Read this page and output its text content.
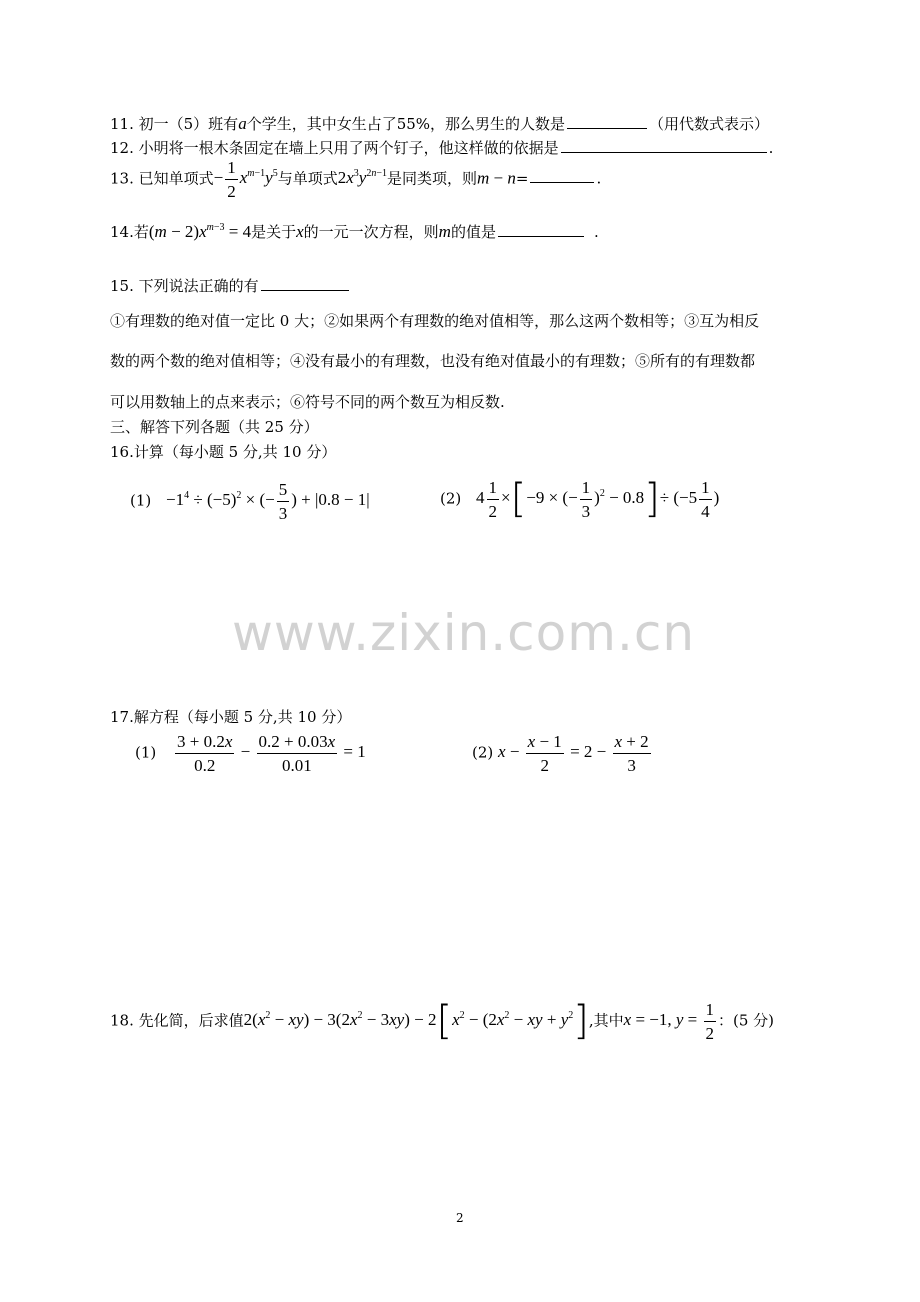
11. 初一（5）班有a个学生，其中女生占了55%，那么男生的人数是	（用代数式表示）
12. 小明将一根木条固定在墙上只用了两个钉子，他这样做的依据是	.
13. 已知单项式− $\frac{1}{2} x^{m-1}y^5$与单项式$2x^3y^{2n-1}$是同类项，则m − n=	.
14.若$(m - 2)x^{m-3} = 4$是关于x的一元一次方程，则m的值是	.
15. 下列说法正确的有
①有理数的绝对值一定比 0 大；②如果两个有理数的绝对值相等，那么这两个数相等；③互为相反
数的两个数的绝对值相等；④没有最小的有理数，也没有绝对值最小的有理数；⑤所有的有理数都
可以用数轴上的点来表示；⑥符号不同的两个数互为相反数.
三、解答下列各题（共 25 分）
16.计算（每小题 5 分,共 10 分）
$(1) -1^4 \div (-5)^2$ × (− $\frac{5}{3}$ ) + |0.8 − 1|	(2) $4 \frac{1}{2} \times[-9$ × (− $\frac{1}{3} )^2 - 0.8]\div (-5 \frac{1}{4}$ )
www.zixin.com.cn
17.解方程（每小题 5 分,共 10 分）
$(1) \frac{3 + 0.2x}{0.2} - \frac{0.2 + 0.03x}{0.01} = 1$	(2) $x - \frac{x - 1}{2} = 2 - \frac{x + 2}{3}$
18. 先化简，后求值$2(x^2 - xy) - 3(2x^2 - 3xy) - 2[x^2 - (2x^2$ − xy + $y^2$],其中x = −1, $y = \frac{1}{2}$ ：(5 分)
2
